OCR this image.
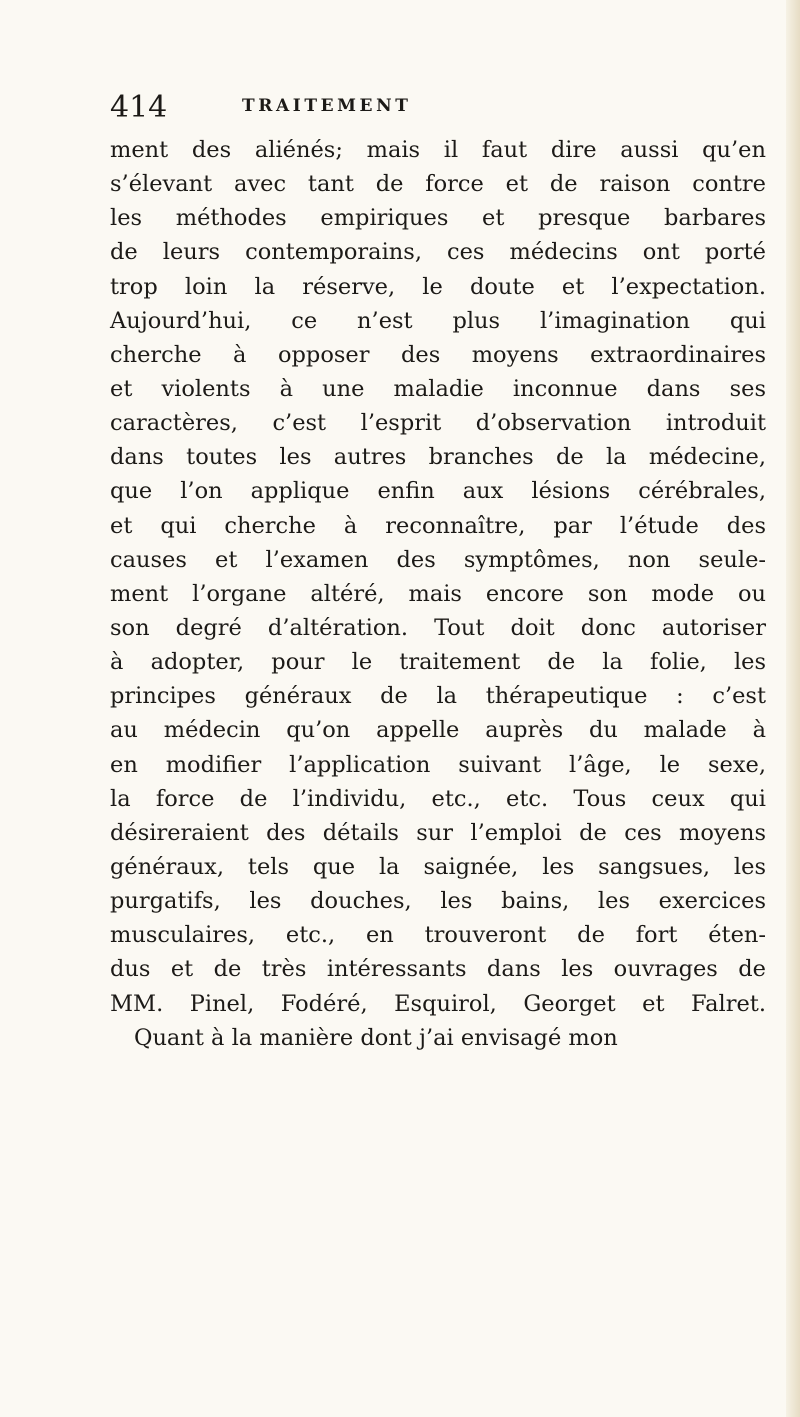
414	TRAITEMENT
ment des aliénés; mais il faut dire aussi qu’en
s’élevant avec tant de force et de raison contre
les méthodes empiriques et presque barbares
de leurs contemporains, ces médecins ont porté
trop loin la réserve, le doute et l’expectation.
Aujourd’hui, ce n’est plus l’imagination qui
cherche à opposer des moyens extraordinaires
et violents à une maladie inconnue dans ses
caractères, c’est l’esprit d’observation introduit
dans toutes les autres branches de la médecine,
que l’on applique enfin aux lésions cérébrales,
et qui cherche à reconnaître, par l’étude des
causes et l’examen des symptômes, non seule-
ment l’organe altéré, mais encore son mode ou
son degré d’altération. Tout doit donc autoriser
à adopter, pour le traitement de la folie, les
principes généraux de la thérapeutique : c’est
au médecin qu’on appelle auprès du malade à
en modifier l’application suivant l’âge, le sexe,
la force de l’individu, etc., etc. Tous ceux qui
désireraient des détails sur l’emploi de ces moyens
généraux, tels que la saignée, les sangsues, les
purgatifs, les douches, les bains, les exercices
musculaires, etc., en trouveront de fort éten-
dus et de très intéressants dans les ouvrages de
MM. Pinel, Fodéré, Esquirol, Georget et Falret.
Quant à la manière dont j’ai envisagé mon
